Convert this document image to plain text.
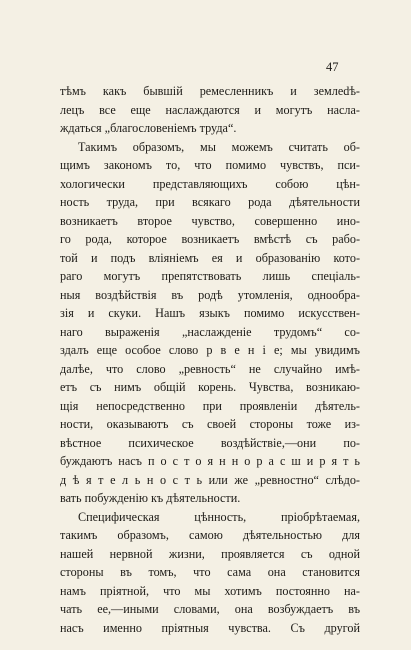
47
тѣмъ какъ бывшій ремесленникъ и землedѣ-
лецъ все еще наслаждаются и могутъ насла-
ждаться „благословеніемъ труда“.
Такимъ образомъ, мы можемъ считать об-
щимъ закономъ то, что помимо чувствъ, пси-
хологически представляющихъ собою цѣн-
ность труда, при всякаго рода дѣятельности
возникаетъ второе чувство, совершенно ино-
го рода, которое возникаетъ вмѣстѣ съ рабо-
той и подъ вліяніемъ ея и образованію кото-
раго могутъ препятствовать лишь спеціаль-
ныя воздѣйствія въ родѣ утомленія, однообра-
зія и скуки. Нашъ языкъ помимо искусствен-
наго выраженія „наслажденіе трудомъ“ со-
здалъ еще особое слово р в е н і е; мы увидимъ
далѣе, что слово „ревность“ не случайно имѣ-
етъ съ нимъ общій корень. Чувства, возникаю-
щія непосредственно при проявленіи дѣятель-
ности, оказываютъ съ своей стороны тоже из-
вѣстное психическое воздѣйствіе,—они по-
буждаютъ насъ п о с т о я н н о р а с ш и р я т ь
д ѣ я т е л ь н о с т ь или же „ревностно“ слѣдо-
вать побужденію къ дѣятельности.
Специфическая цѣнность, пріобрѣтаемая,
такимъ образомъ, самою дѣятельностью для
нашей нервной жизни, проявляется съ одной
стороны въ томъ, что сама она становится
намъ пріятной, что мы хотимъ постоянно на-
чать ее,—иными словами, она возбуждаетъ въ
насъ именно пріятныя чувства. Съ другой
